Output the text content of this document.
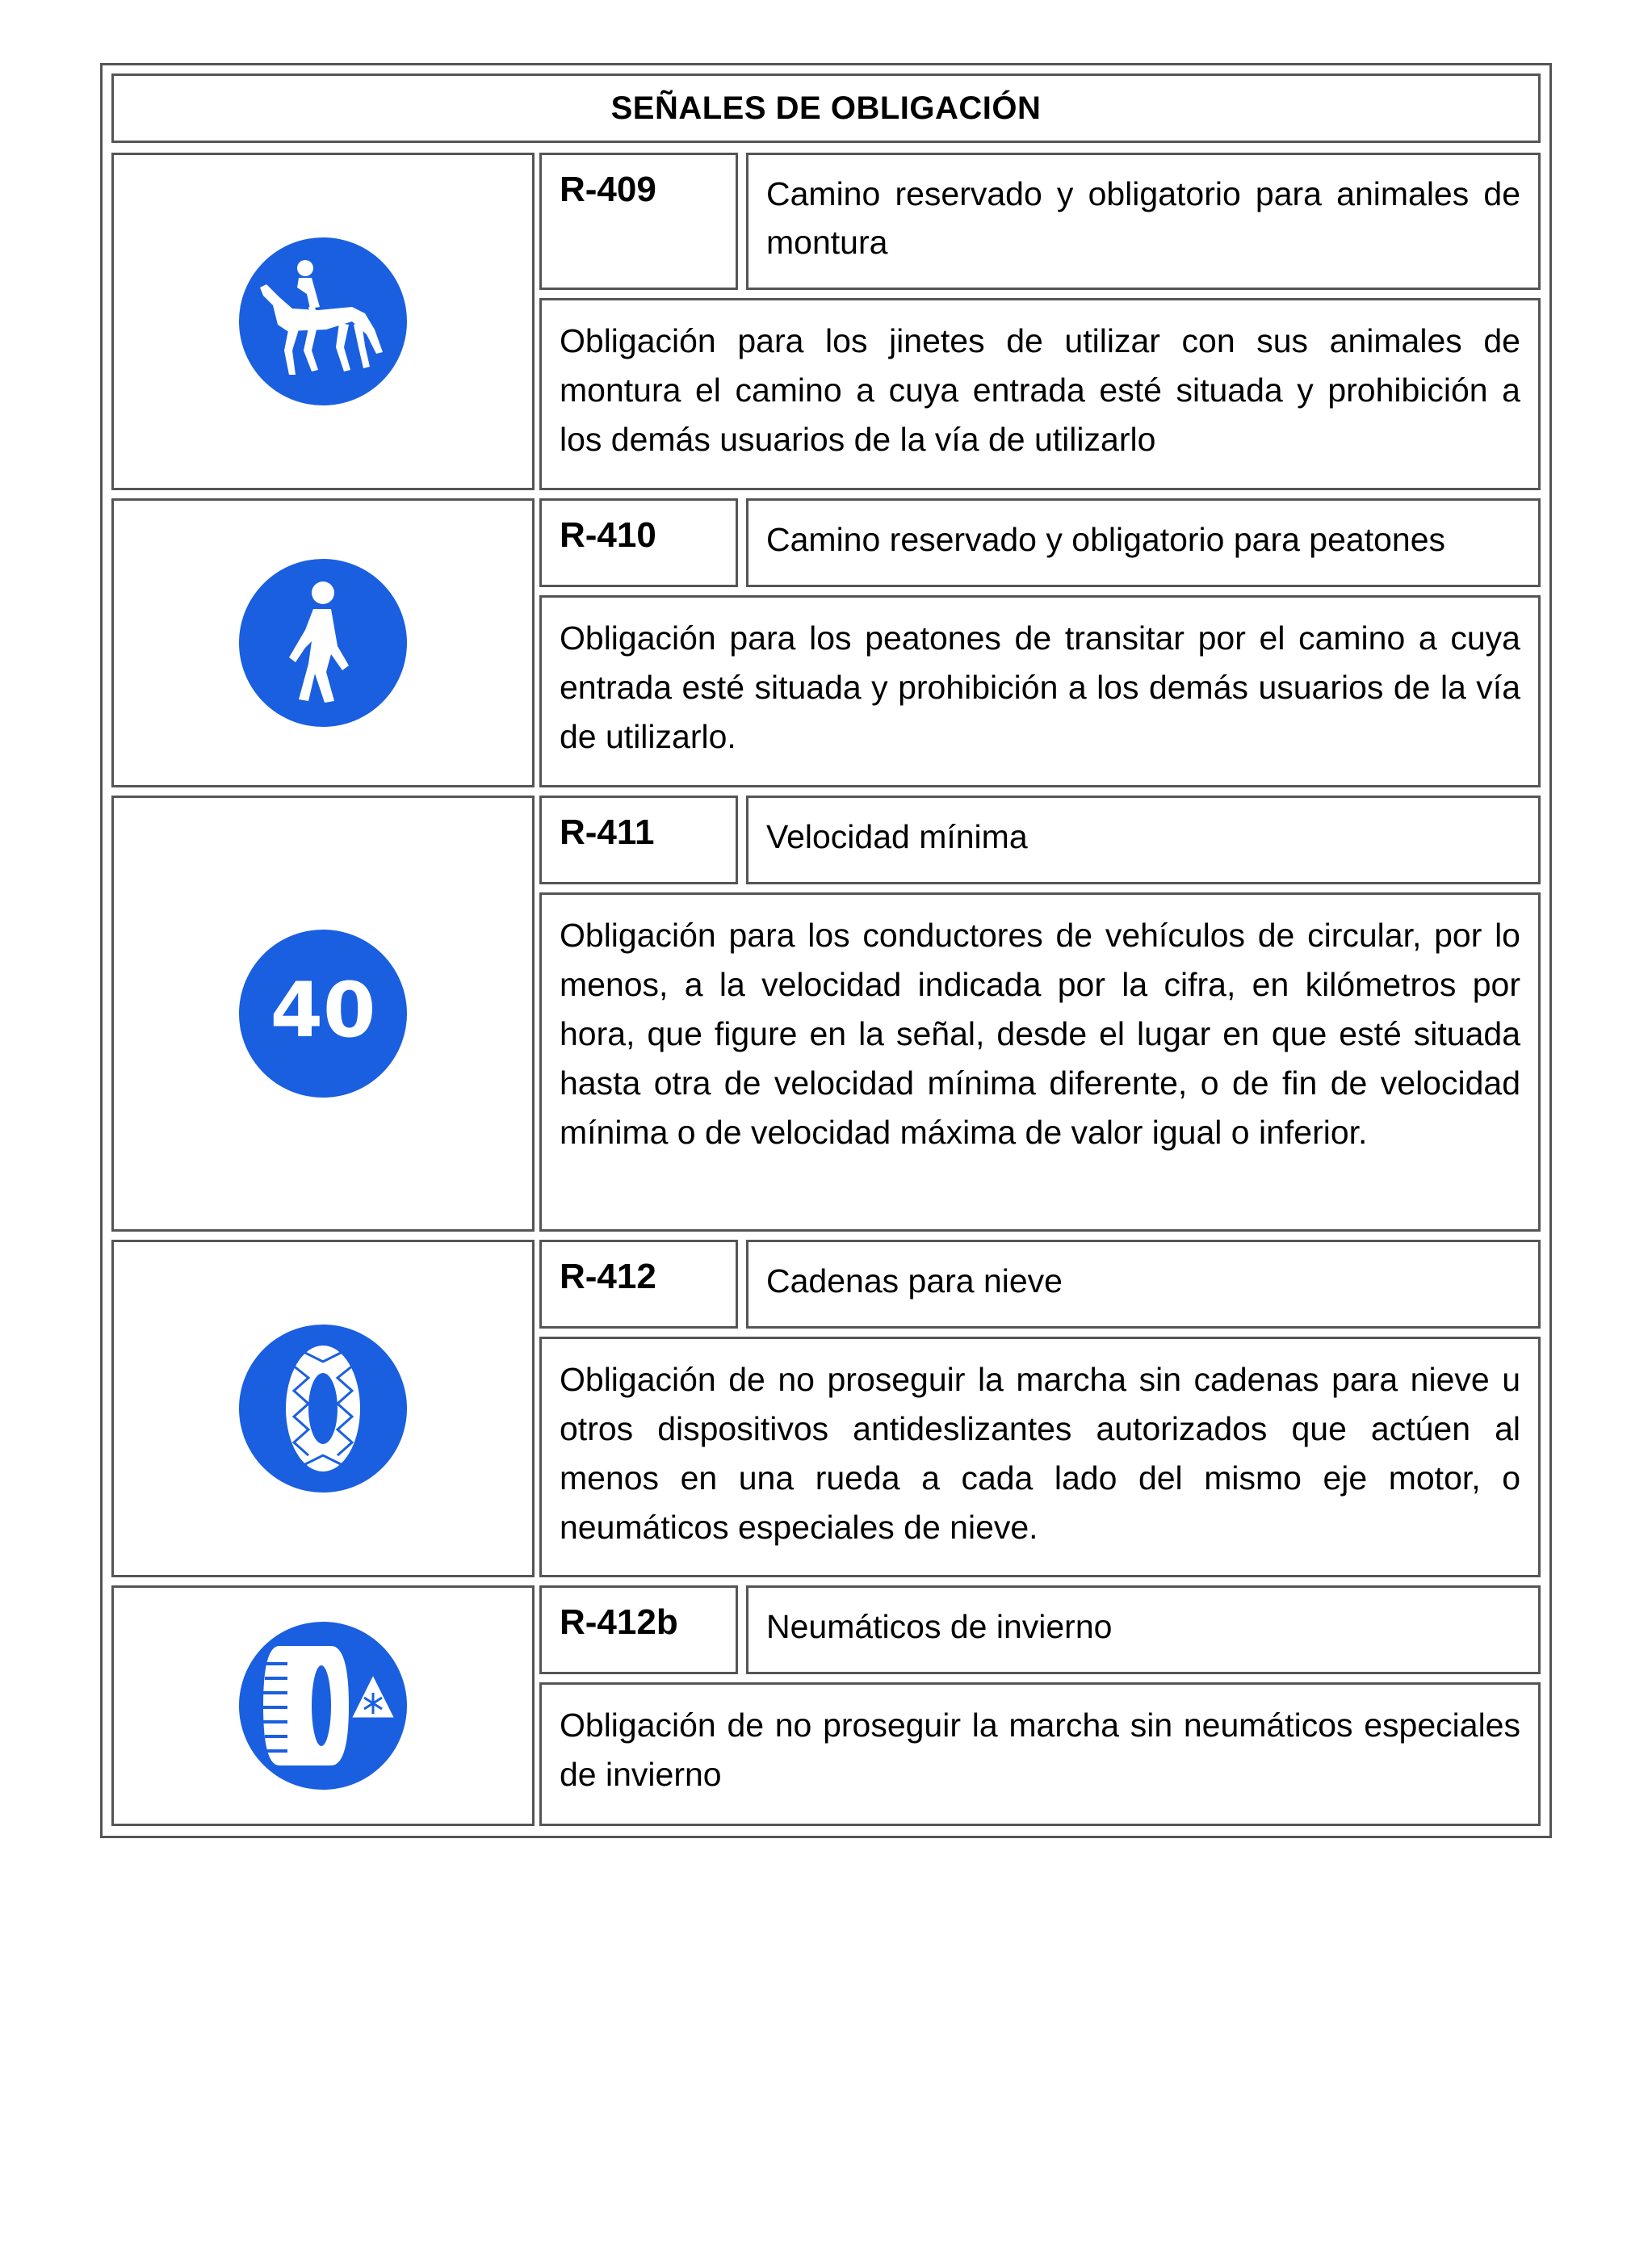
SEÑALES DE OBLIGACIÓN
R-409	Camino reservado y obligatorio para animales de montura
Obligación para los jinetes de utilizar con sus animales de montura el camino a cuya entrada esté situada y prohibición a los demás usuarios de la vía de utilizarlo
R-410	Camino reservado y obligatorio para peatones
Obligación para los peatones de transitar por el camino a cuya entrada esté situada y prohibición a los demás usuarios de la vía de utilizarlo.
40
R-411	Velocidad mínima
Obligación para los conductores de vehículos de circular, por lo menos, a la velocidad indicada por la cifra, en kilómetros por hora, que figure en la señal, desde el lugar en que esté situada hasta otra de velocidad mínima diferente, o de fin de velocidad mínima o de velocidad máxima de valor igual o inferior.
R-412	Cadenas para nieve
Obligación de no proseguir la marcha sin cadenas para nieve u otros dispositivos antideslizantes autorizados que actúen al menos en una rueda a cada lado del mismo eje motor, o neumáticos especiales de nieve.
R-412b	Neumáticos de invierno
Obligación de no proseguir la marcha sin neumáticos especiales de invierno
